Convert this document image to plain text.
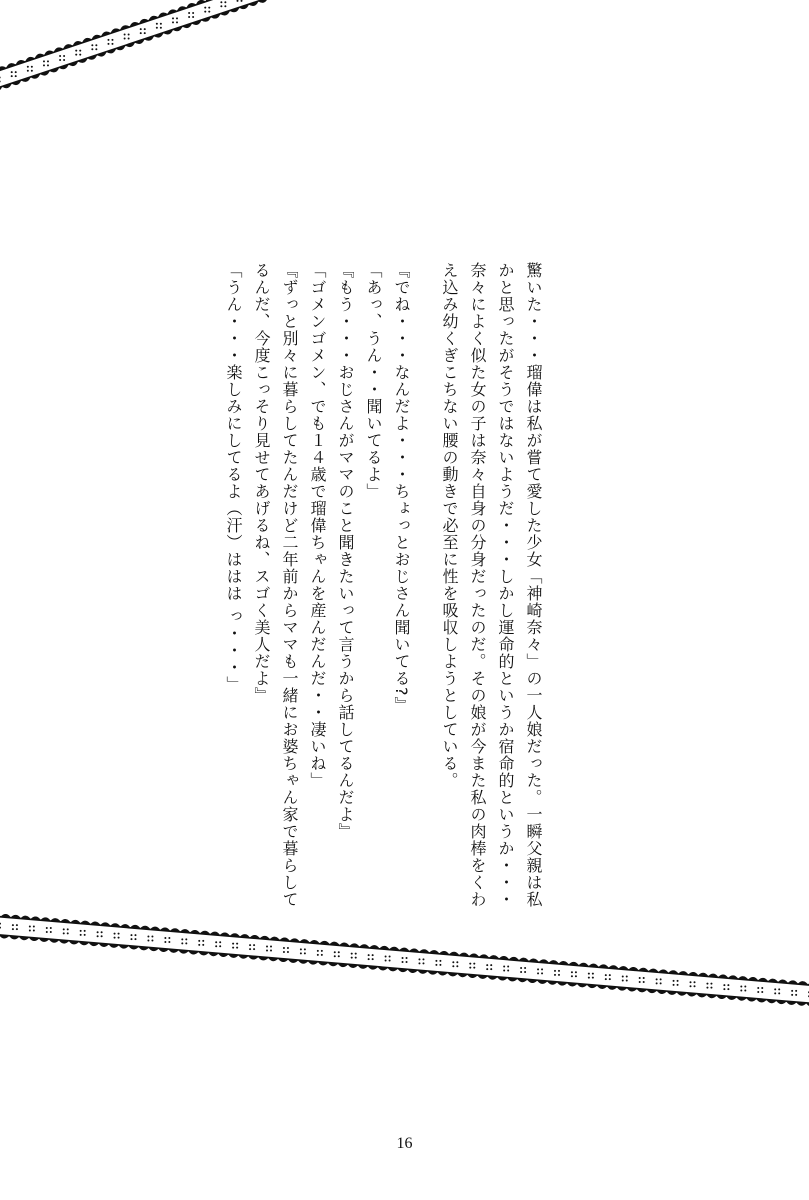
驚いた・・・瑠偉は私が嘗て愛した少女「神崎奈々」の一人娘だった。一瞬父親は私
かと思ったがそうではないようだ・・・しかし運命的というか宿命的というか・・・
奈々によく似た女の子は奈々自身の分身だったのだ。その娘が今また私の肉棒をくわ
え込み幼くぎこちない腰の動きで必至に性を吸収しようとしている。
『でね・・・なんだよ・・・ちょっとおじさん聞いてる?』
「あっ、うん・・聞いてるよ」
『もう・・・おじさんがママのこと聞きたいって言うから話してるんだよ』
「ゴメンゴメン、でも１４歳で瑠偉ちゃんを産んだんだ・・凄いね」
『ずっと別々に暮らしてたんだけど二年前からママも一緒にお婆ちゃん家で暮らして
るんだ、今度こっそり見せてあげるね、スゴく美人だよ』
「うん・・・楽しみにしてるよ（汗）ははは っ・・・」
16
